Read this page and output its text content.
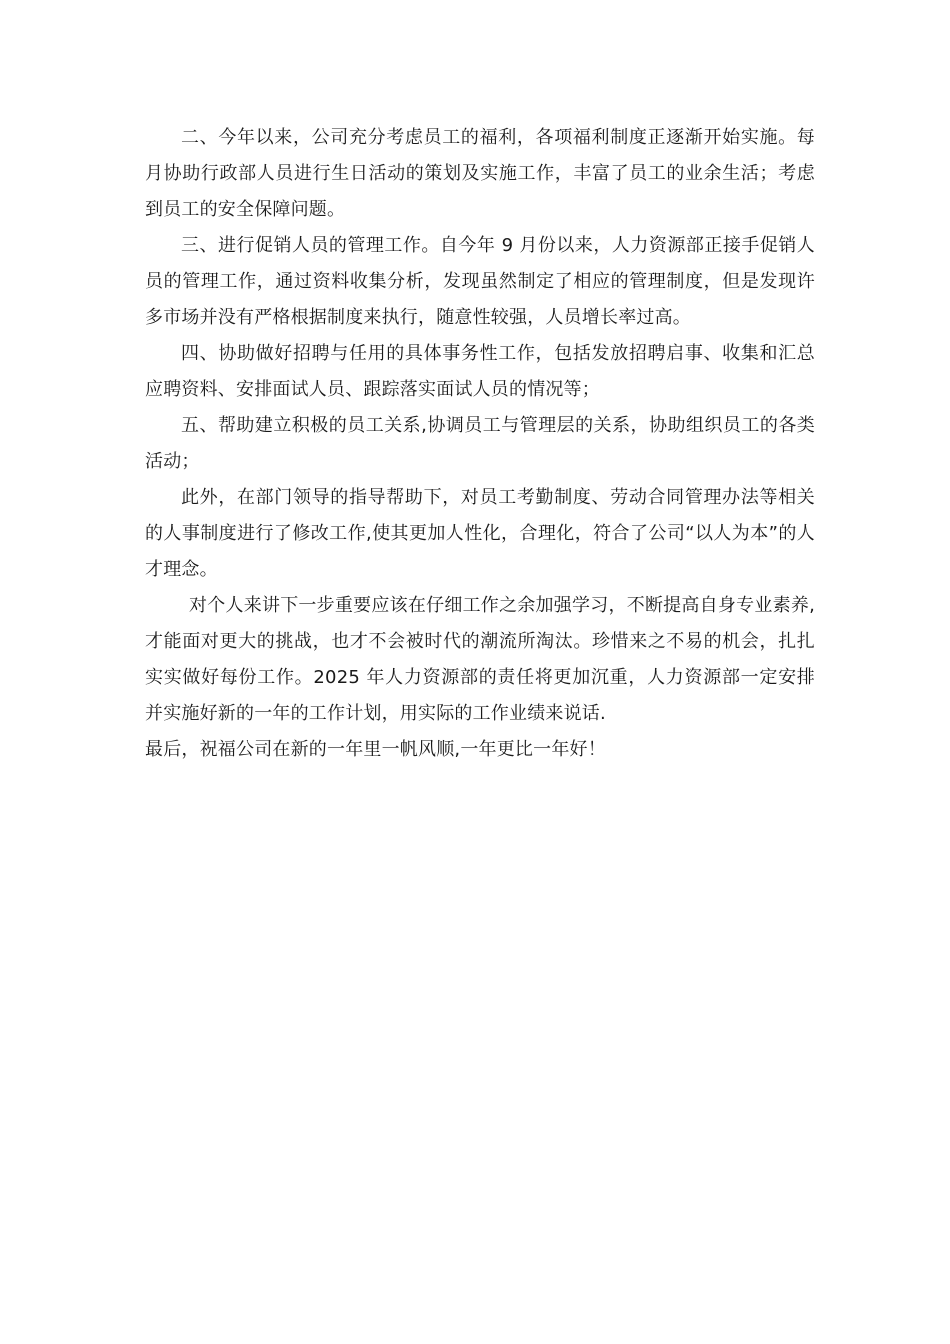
二、今年以来，公司充分考虑员工的福利，各项福利制度正逐渐开始实施。每月协助行政部人员进行生日活动的策划及实施工作，丰富了员工的业余生活；考虑到员工的安全保障问题。

三、进行促销人员的管理工作。自今年 9 月份以来，人力资源部正接手促销人员的管理工作，通过资料收集分析，发现虽然制定了相应的管理制度，但是发现许多市场并没有严格根据制度来执行，随意性较强，人员增长率过高。

四、协助做好招聘与任用的具体事务性工作，包括发放招聘启事、收集和汇总应聘资料、安排面试人员、跟踪落实面试人员的情况等；

五、帮助建立积极的员工关系,协调员工与管理层的关系，协助组织员工的各类活动；

此外，在部门领导的指导帮助下，对员工考勤制度、劳动合同管理办法等相关的人事制度进行了修改工作,使其更加人性化，合理化，符合了公司“以人为本”的人才理念。

对个人来讲下一步重要应该在仔细工作之余加强学习，不断提高自身专业素养,才能面对更大的挑战，也才不会被时代的潮流所淘汰。珍惜来之不易的机会，扎扎实实做好每份工作。2025 年人力资源部的责任将更加沉重，人力资源部一定安排并实施好新的一年的工作计划，用实际的工作业绩来说话.

最后，祝福公司在新的一年里一帆风顺,一年更比一年好！
